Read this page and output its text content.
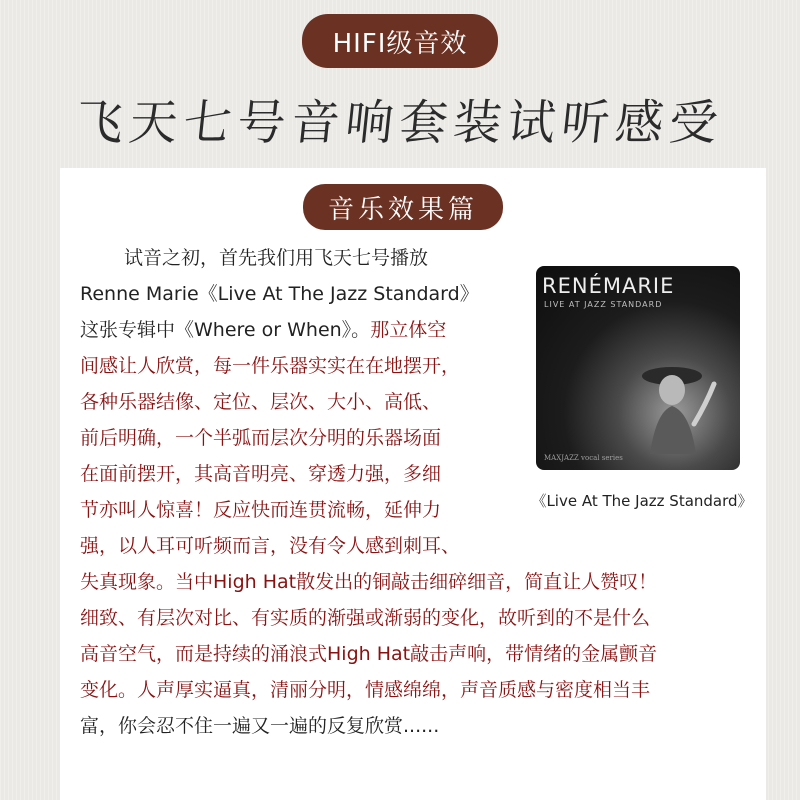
HIFI级音效
飞天七号音响套装试听感受
音乐效果篇
试音之初，首先我们用飞天七号播放
Renne Marie《Live At The Jazz Standard》
这张专辑中《Where or When》。那立体空
间感让人欣赏，每一件乐器实实在在地摆开，
各种乐器结像、定位、层次、大小、高低、
前后明确，一个半弧而层次分明的乐器场面
在面前摆开，其高音明亮、穿透力强，多细
节亦叫人惊喜！反应快而连贯流畅，延伸力
强，以人耳可听频而言，没有令人感到刺耳、
失真现象。当中High Hat散发出的铜敲击细碎细音，简直让人赞叹！
细致、有层次对比、有实质的渐强或渐弱的变化，故听到的不是什么
高音空气，而是持续的涌浪式High Hat敲击声响，带情绪的金属颤音
变化。人声厚实逼真，清丽分明，情感绵绵，声音质感与密度相当丰
富，你会忍不住一遍又一遍的反复欣赏......
RENÉMARIE
LIVE AT JAZZ STANDARD
MAXJAZZ vocal series
《Live At The Jazz Standard》
